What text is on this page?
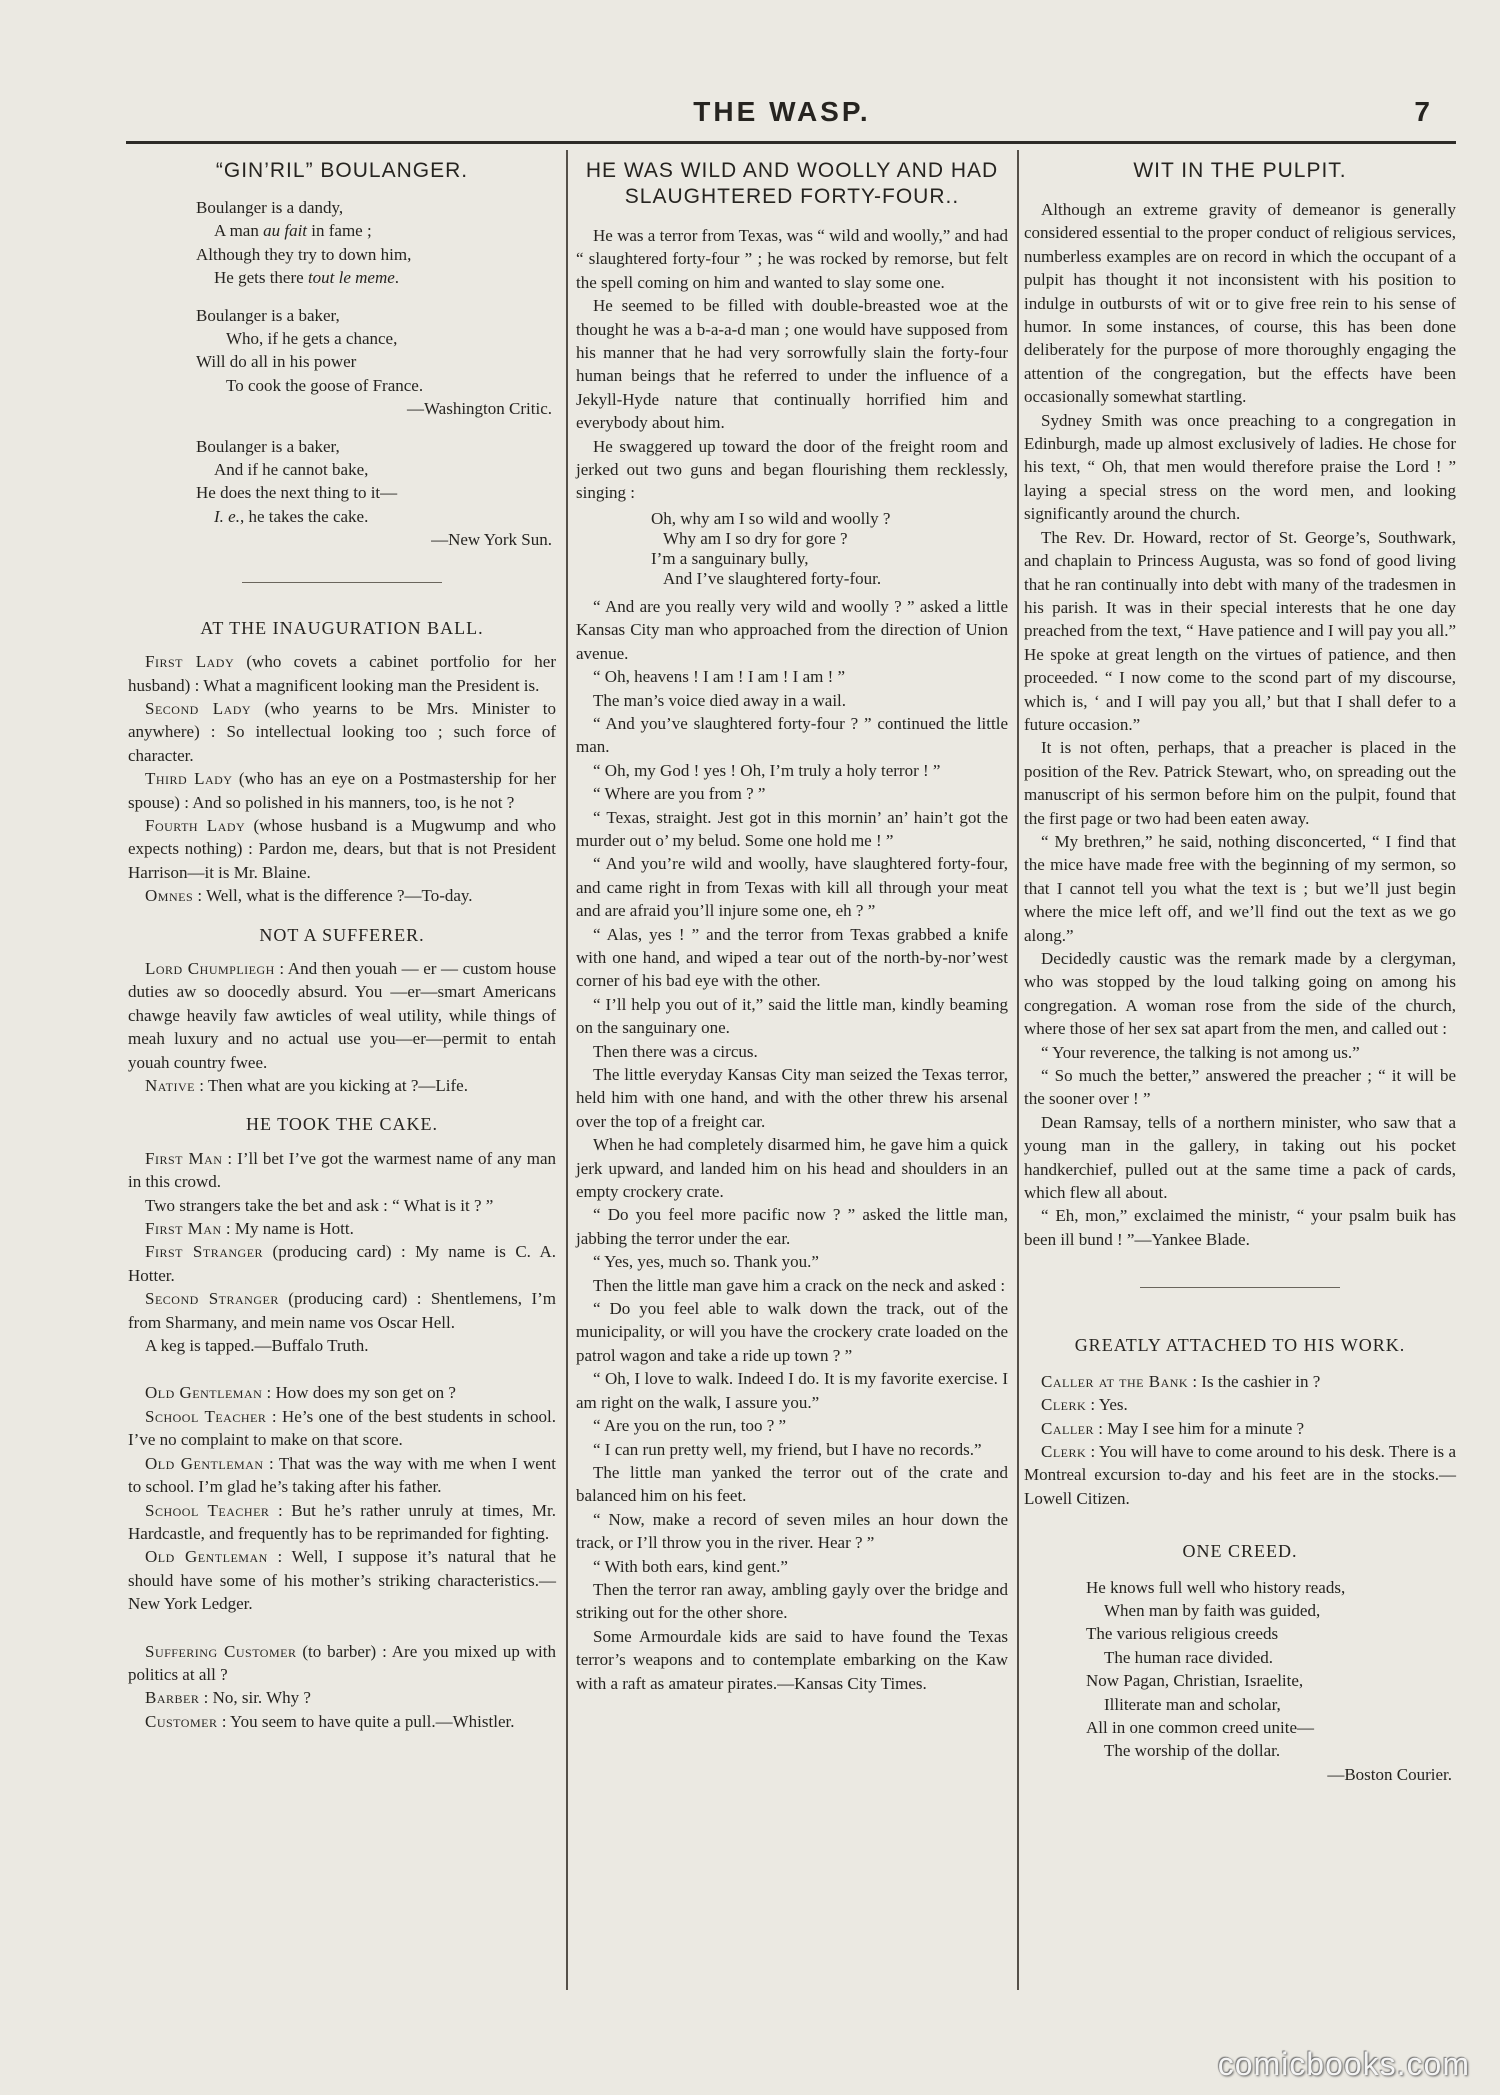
THE WASP.	7
“GIN’RIL” BOULANGER.
Boulanger is a dandy,
A man au fait in fame ;
Although they try to down him,
He gets there tout le meme.
Boulanger is a baker,
Who, if he gets a chance,
Will do all in his power
To cook the goose of France.
—Washington Critic.
Boulanger is a baker,
And if he cannot bake,
He does the next thing to it—
I. e., he takes the cake.
—New York Sun.
AT THE INAUGURATION BALL.

First Lady (who covets a cabinet portfolio for her husband) : What a magnificent looking man the President is.

Second Lady (who yearns to be Mrs. Minister to anywhere) : So intellectual looking too ; such force of character.

Third Lady (who has an eye on a Postmastership for her spouse) : And so polished in his manners, too, is he not ?

Fourth Lady (whose husband is a Mugwump and who expects nothing) : Pardon me, dears, but that is not President Harrison—it is Mr. Blaine.

Omnes : Well, what is the difference ?—To-day.

NOT A SUFFERER.

Lord Chumpliegh : And then youah — er — custom house duties aw so doocedly absurd. You —er—smart Americans chawge heavily faw awticles of weal utility, while things of meah luxury and no actual use you—er—permit to entah youah country fwee.

Native : Then what are you kicking at ?—Life.

HE TOOK THE CAKE.

First Man : I’ll bet I’ve got the warmest name of any man in this crowd.

Two strangers take the bet and ask : “ What is it ? ”

First Man : My name is Hott.

First Stranger (producing card) : My name is C. A. Hotter.

Second Stranger (producing card) : Shentlemens, I’m from Sharmany, and mein name vos Oscar Hell.

A keg is tapped.—Buffalo Truth.

Old Gentleman : How does my son get on ?

School Teacher : He’s one of the best students in school. I’ve no complaint to make on that score.

Old Gentleman : That was the way with me when I went to school. I’m glad he’s taking after his father.

School Teacher : But he’s rather unruly at times, Mr. Hardcastle, and frequently has to be reprimanded for fighting.

Old Gentleman : Well, I suppose it’s natural that he should have some of his mother’s striking characteristics.—New York Ledger.

Suffering Customer (to barber) : Are you mixed up with politics at all ?

Barber : No, sir. Why ?

Customer : You seem to have quite a pull.—Whistler.

HE WAS WILD AND WOOLLY AND HAD SLAUGHTERED FORTY-FOUR..

He was a terror from Texas, was “ wild and woolly,” and had “ slaughtered forty-four ” ; he was rocked by remorse, but felt the spell coming on him and wanted to slay some one.

He seemed to be filled with double-breasted woe at the thought he was a b-a-a-d man ; one would have supposed from his manner that he had very sorrowfully slain the forty-four human beings that he referred to under the influence of a Jekyll-Hyde nature that continually horrified him and everybody about him.

He swaggered up toward the door of the freight room and jerked out two guns and began flourishing them recklessly, singing :

Oh, why am I so wild and woolly ?
Why am I so dry for gore ?
I’m a sanguinary bully,
And I’ve slaughtered forty-four.

“ And are you really very wild and woolly ? ” asked a little Kansas City man who approached from the direction of Union avenue.

“ Oh, heavens ! I am ! I am ! I am ! ”

The man’s voice died away in a wail.

“ And you’ve slaughtered forty-four ? ” continued the little man.

“ Oh, my God ! yes ! Oh, I’m truly a holy terror ! ”

“ Where are you from ? ”

“ Texas, straight. Jest got in this mornin’ an’ hain’t got the murder out o’ my belud. Some one hold me ! ”

“ And you’re wild and woolly, have slaughtered forty-four, and came right in from Texas with kill all through your meat and are afraid you’ll injure some one, eh ? ”

“ Alas, yes ! ” and the terror from Texas grabbed a knife with one hand, and wiped a tear out of the north-by-nor’west corner of his bad eye with the other.

“ I’ll help you out of it,” said the little man, kindly beaming on the sanguinary one.

Then there was a circus.

The little everyday Kansas City man seized the Texas terror, held him with one hand, and with the other threw his arsenal over the top of a freight car.

When he had completely disarmed him, he gave him a quick jerk upward, and landed him on his head and shoulders in an empty crockery crate.

“ Do you feel more pacific now ? ” asked the little man, jabbing the terror under the ear.

“ Yes, yes, much so. Thank you.”

Then the little man gave him a crack on the neck and asked :

“ Do you feel able to walk down the track, out of the municipality, or will you have the crockery crate loaded on the patrol wagon and take a ride up town ? ”

“ Oh, I love to walk. Indeed I do. It is my favorite exercise. I am right on the walk, I assure you.”

“ Are you on the run, too ? ”

“ I can run pretty well, my friend, but I have no records.”

The little man yanked the terror out of the crate and balanced him on his feet.

“ Now, make a record of seven miles an hour down the track, or I’ll throw you in the river. Hear ? ”

“ With both ears, kind gent.”

Then the terror ran away, ambling gayly over the bridge and striking out for the other shore.

Some Armourdale kids are said to have found the Texas terror’s weapons and to contemplate embarking on the Kaw with a raft as amateur pirates.—Kansas City Times.

WIT IN THE PULPIT.

Although an extreme gravity of demeanor is generally considered essential to the proper conduct of religious services, numberless examples are on record in which the occupant of a pulpit has thought it not inconsistent with his position to indulge in outbursts of wit or to give free rein to his sense of humor. In some instances, of course, this has been done deliberately for the purpose of more thoroughly engaging the attention of the congregation, but the effects have been occasionally somewhat startling.

Sydney Smith was once preaching to a congregation in Edinburgh, made up almost exclusively of ladies. He chose for his text, “ Oh, that men would therefore praise the Lord ! ” laying a special stress on the word men, and looking significantly around the church.

The Rev. Dr. Howard, rector of St. George’s, Southwark, and chaplain to Princess Augusta, was so fond of good living that he ran continually into debt with many of the tradesmen in his parish. It was in their special interests that he one day preached from the text, “ Have patience and I will pay you all.” He spoke at great length on the virtues of patience, and then proceeded. “ I now come to the scond part of my discourse, which is, ‘ and I will pay you all,’ but that I shall defer to a future occasion.”

It is not often, perhaps, that a preacher is placed in the position of the Rev. Patrick Stewart, who, on spreading out the manuscript of his sermon before him on the pulpit, found that the first page or two had been eaten away.

“ My brethren,” he said, nothing disconcerted, “ I find that the mice have made free with the beginning of my sermon, so that I cannot tell you what the text is ; but we’ll just begin where the mice left off, and we’ll find out the text as we go along.”

Decidedly caustic was the remark made by a clergyman, who was stopped by the loud talking going on among his congregation. A woman rose from the side of the church, where those of her sex sat apart from the men, and called out :

“ Your reverence, the talking is not among us.”

“ So much the better,” answered the preacher ; “ it will be the sooner over ! ”

Dean Ramsay, tells of a northern minister, who saw that a young man in the gallery, in taking out his pocket handkerchief, pulled out at the same time a pack of cards, which flew all about.

“ Eh, mon,” exclaimed the ministr, “ your psalm buik has been ill bund ! ”—Yankee Blade.

GREATLY ATTACHED TO HIS WORK.

Caller at the Bank : Is the cashier in ?

Clerk : Yes.

Caller : May I see him for a minute ?

Clerk : You will have to come around to his desk. There is a Montreal excursion to-day and his feet are in the stocks.—Lowell Citizen.

ONE CREED.
He knows full well who history reads,
When man by faith was guided,
The various religious creeds
The human race divided.
Now Pagan, Christian, Israelite,
Illiterate man and scholar,
All in one common creed unite—
The worship of the dollar.
—Boston Courier.
comicbooks.com
